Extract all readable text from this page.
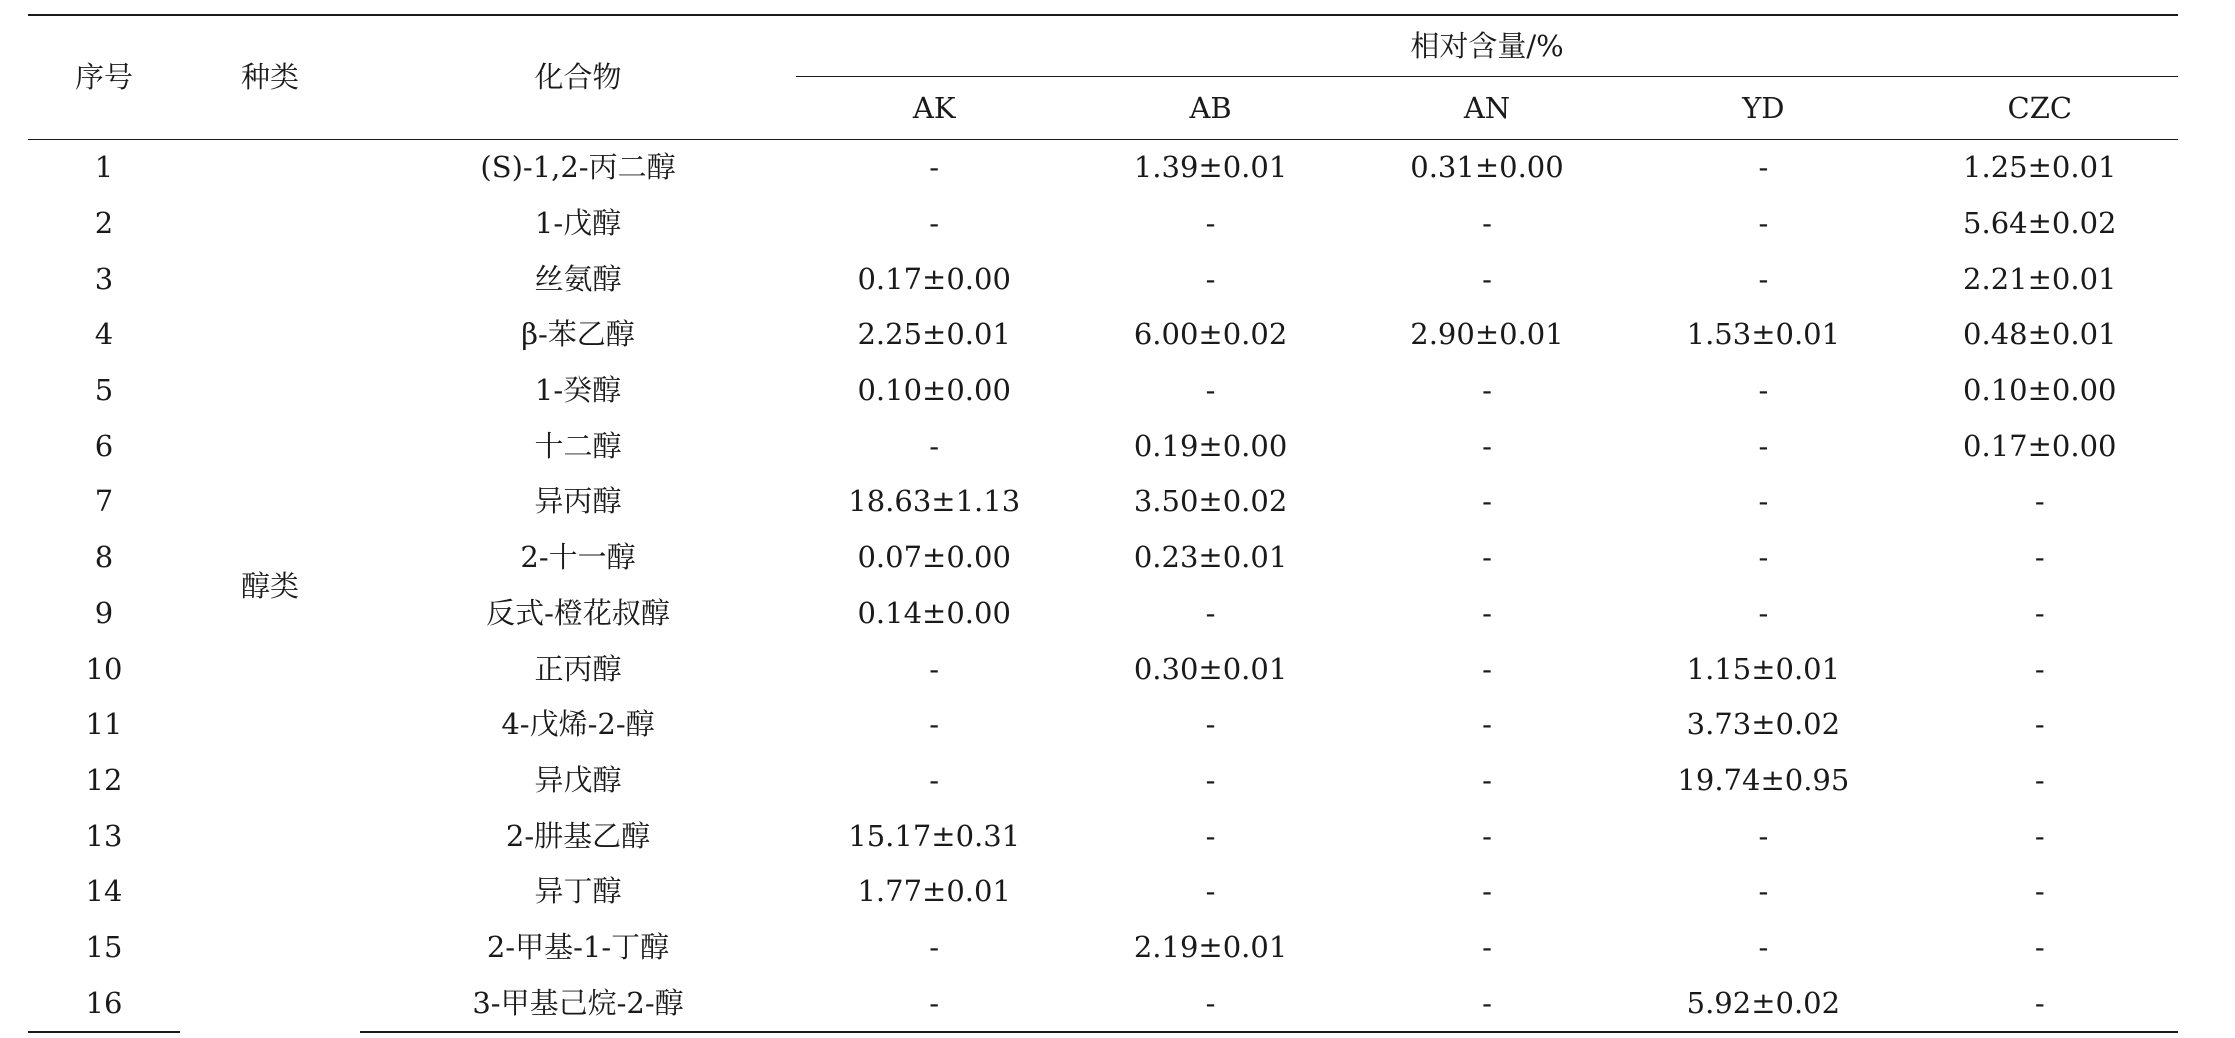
序号	种类	化合物	相对含量/%				
			AK	AB	AN	YD	CZC
1	醇类	(S)-1,2-丙二醇	-	1.39±0.01	0.31±0.00	-	1.25±0.01
2		1-戊醇	-	-	-	-	5.64±0.02
3		丝氨醇	0.17±0.00	-	-	-	2.21±0.01
4		β-苯乙醇	2.25±0.01	6.00±0.02	2.90±0.01	1.53±0.01	0.48±0.01
5		1-癸醇	0.10±0.00	-	-	-	0.10±0.00
6		十二醇	-	0.19±0.00	-	-	0.17±0.00
7		异丙醇	18.63±1.13	3.50±0.02	-	-	-
8		2-十一醇	0.07±0.00	0.23±0.01	-	-	-
9		反式-橙花叔醇	0.14±0.00	-	-	-	-
10		正丙醇	-	0.30±0.01	-	1.15±0.01	-
11		4-戊烯-2-醇	-	-	-	3.73±0.02	-
12		异戊醇	-	-	-	19.74±0.95	-
13		2-肼基乙醇	15.17±0.31	-	-	-	-
14		异丁醇	1.77±0.01	-	-	-	-
15		2-甲基-1-丁醇	-	2.19±0.01	-	-	-
16		3-甲基己烷-2-醇	-	-	-	5.92±0.02	-
